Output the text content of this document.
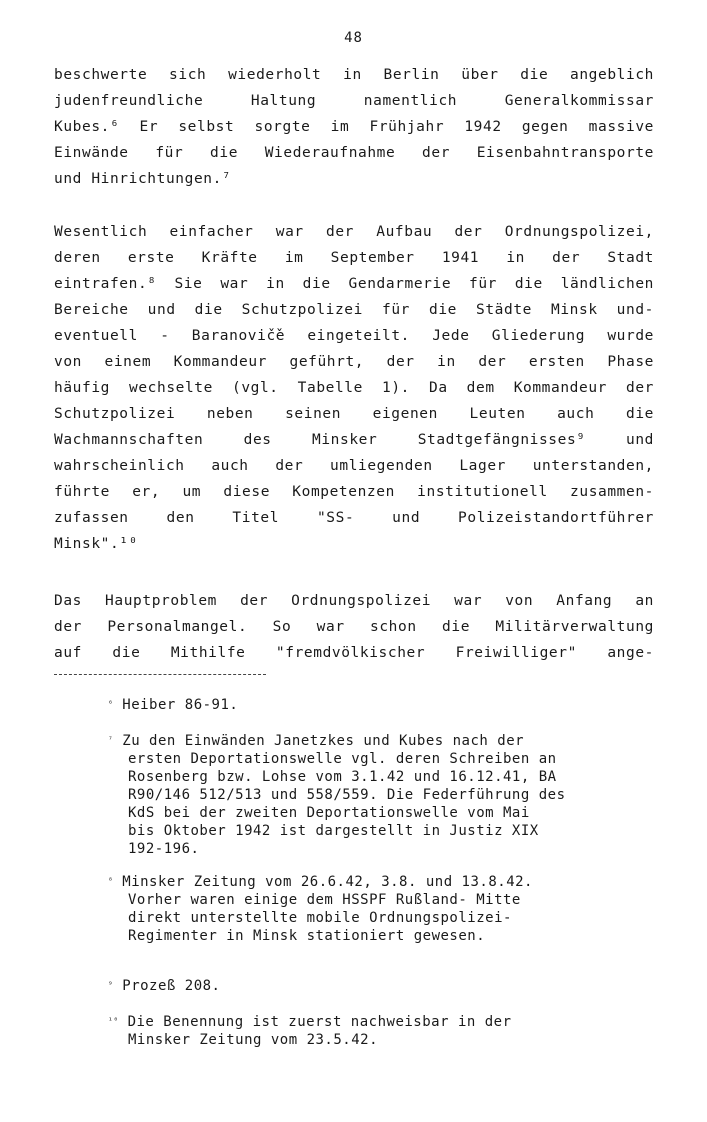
48
beschwerte sich wiederholt in Berlin über die angeblich
judenfreundliche Haltung namentlich Generalkommissar
Kubes.⁶ Er selbst sorgte im Frühjahr 1942 gegen massive
Einwände für die Wiederaufnahme der Eisenbahntransporte
und Hinrichtungen.⁷
Wesentlich einfacher war der Aufbau der Ordnungspolizei,
deren erste Kräfte im September 1941 in der Stadt
eintrafen.⁸ Sie war in die Gendarmerie für die ländlichen
Bereiche und die Schutzpolizei für die Städte Minsk und-
eventuell - Baranovič̌e eingeteilt. Jede Gliederung wurde
von einem Kommandeur geführt, der in der ersten Phase
häufig wechselte (vgl. Tabelle 1). Da dem Kommandeur der
Schutzpolizei neben seinen eigenen Leuten auch die
Wachmannschaften des Minsker Stadtgefängnisses⁹ und
wahrscheinlich auch der umliegenden Lager unterstanden,
führte er, um diese Kompetenzen institutionell zusammen-
zufassen den Titel "SS- und Polizeistandortführer
Minsk".¹⁰
Das Hauptproblem der Ordnungspolizei war von Anfang an
der Personalmangel. So war schon die Militärverwaltung
auf die Mithilfe "fremdvölkischer Freiwilliger" ange-
$^{^6}$ Heiber 86-91.
$^{^7}$ Zu den Einwänden Janetzkes und Kubes nach der
ersten Deportationswelle vgl. deren Schreiben an
Rosenberg bzw. Lohse vom 3.1.42 und 16.12.41, BA
R90/146 512/513 und 558/559. Die Federführung des
KdS bei der zweiten Deportationswelle vom Mai
bis Oktober 1942 ist dargestellt in Justiz XIX
192-196.
$^{^8}$ Minsker Zeitung vom 26.6.42, 3.8. und 13.8.42.
Vorher waren einige dem HSSPF Rußland- Mitte
direkt unterstellte mobile Ordnungspolizei-
Regimenter in Minsk stationiert gewesen.
$^{^9}$ Prozeß 208.
$^{^{10}}$ Die Benennung ist zuerst nachweisbar in der
Minsker Zeitung vom 23.5.42.
